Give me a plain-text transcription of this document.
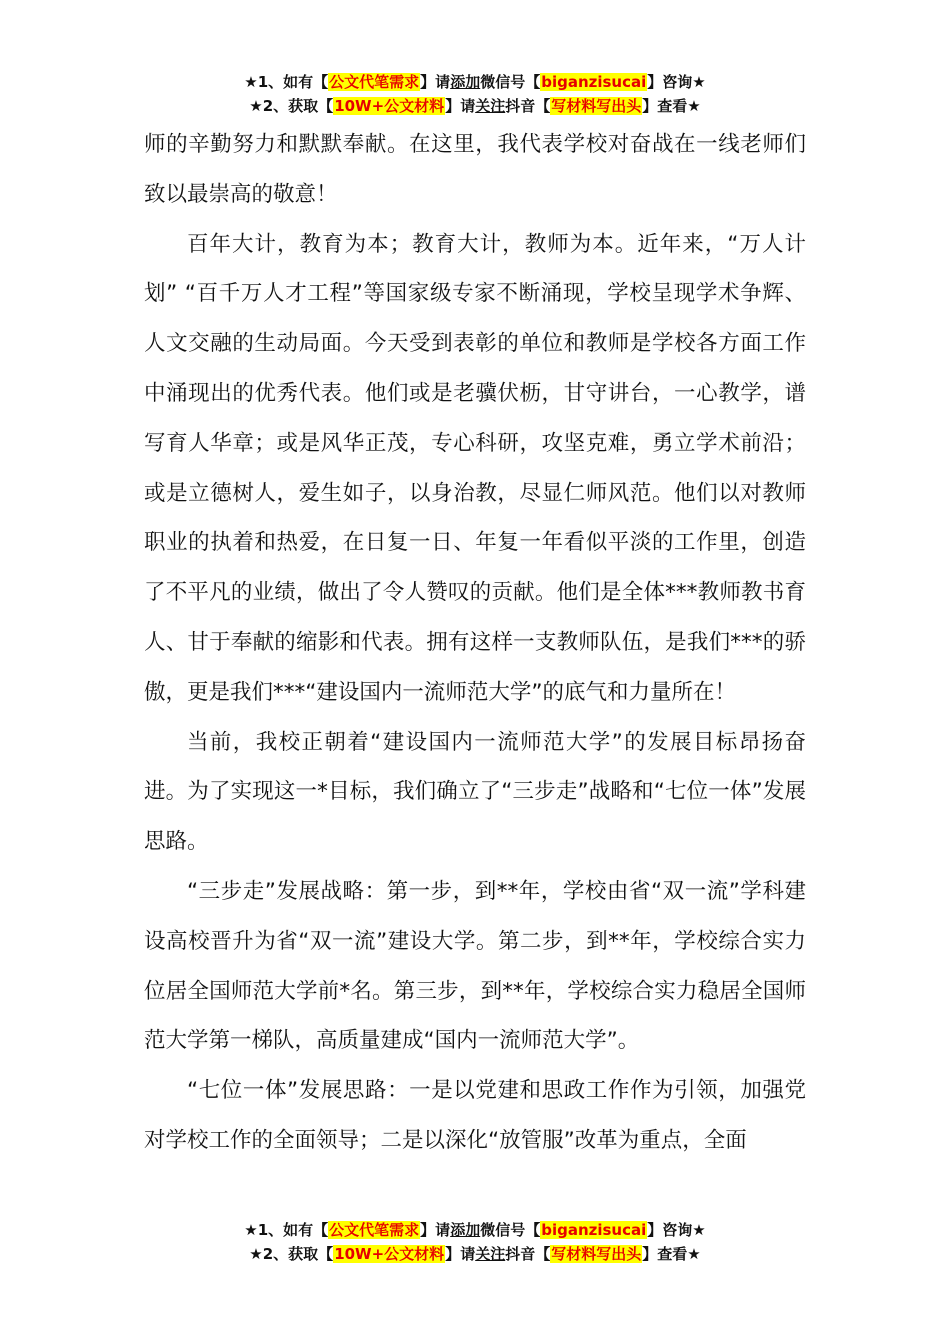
★1、如有【公文代笔需求】请添加微信号【biganzisucai】咨询★
★2、获取【10W+公文材料】请关注抖音【写材料写出头】查看★

师的辛勤努力和默默奉献。在这里，我代表学校对奋战在一线老师们致以最崇高的敬意！

百年大计，教育为本；教育大计，教师为本。近年来，“万人计划” “百千万人才工程”等国家级专家不断涌现，学校呈现学术争辉、人文交融的生动局面。今天受到表彰的单位和教师是学校各方面工作中涌现出的优秀代表。他们或是老骥伏枥，甘守讲台，一心教学，谱写育人华章；或是风华正茂，专心科研，攻坚克难，勇立学术前沿；或是立德树人，爱生如子，以身治教，尽显仁师风范。他们以对教师职业的执着和热爱，在日复一日、年复一年看似平淡的工作里，创造了不平凡的业绩，做出了令人赞叹的贡献。他们是全体***教师教书育人、甘于奉献的缩影和代表。拥有这样一支教师队伍，是我们***的骄傲，更是我们***“建设国内一流师范大学”的底气和力量所在！

当前，我校正朝着“建设国内一流师范大学”的发展目标昂扬奋进。为了实现这一*目标，我们确立了“三步走”战略和“七位一体”发展思路。

“三步走”发展战略：第一步，到**年，学校由省“双一流”学科建设高校晋升为省“双一流”建设大学。第二步，到**年，学校综合实力位居全国师范大学前*名。第三步，到**年，学校综合实力稳居全国师范大学第一梯队，高质量建成“国内一流师范大学”。

“七位一体”发展思路：一是以党建和思政工作作为引领，加强党对学校工作的全面领导；二是以深化“放管服”改革为重点，全面

★1、如有【公文代笔需求】请添加微信号【biganzisucai】咨询★
★2、获取【10W+公文材料】请关注抖音【写材料写出头】查看★
